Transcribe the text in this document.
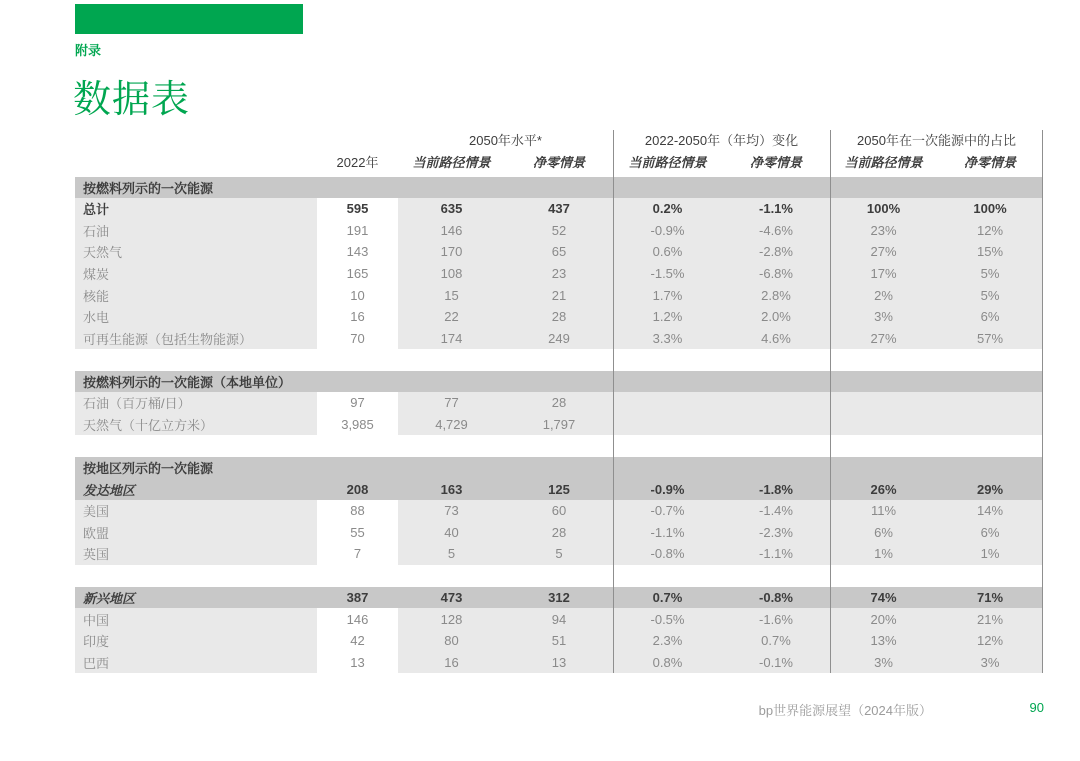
附录
数据表
2050年水平*	2022-2050年（年均）变化	2050年在一次能源中的占比
2022年	当前路径情景	净零情景	当前路径情景	净零情景	当前路径情景	净零情景
按燃料列示的一次能源
总计	595	635	437	0.2%	-1.1%	100%	100%
石油	191	146	52	-0.9%	-4.6%	23%	12%
天然气	143	170	65	0.6%	-2.8%	27%	15%
煤炭	165	108	23	-1.5%	-6.8%	17%	5%
核能	10	15	21	1.7%	2.8%	2%	5%
水电	16	22	28	1.2%	2.0%	3%	6%
可再生能源（包括生物能源）	70	174	249	3.3%	4.6%	27%	57%
按燃料列示的一次能源（本地单位）
石油（百万桶/日）	97	77	28
天然气（十亿立方米）	3,985	4,729	1,797
按地区列示的一次能源
发达地区	208	163	125	-0.9%	-1.8%	26%	29%
美国	88	73	60	-0.7%	-1.4%	11%	14%
欧盟	55	40	28	-1.1%	-2.3%	6%	6%
英国	7	5	5	-0.8%	-1.1%	1%	1%
新兴地区	387	473	312	0.7%	-0.8%	74%	71%
中国	146	128	94	-0.5%	-1.6%	20%	21%
印度	42	80	51	2.3%	0.7%	13%	12%
巴西	13	16	13	0.8%	-0.1%	3%	3%
bp世界能源展望（2024年版）	90
